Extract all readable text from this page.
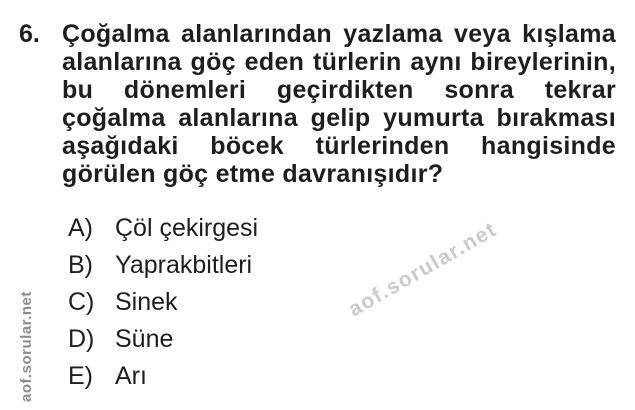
6. Çoğalma alanlarından yazlama veya kışlama
alanlarına göç eden türlerin aynı bireylerinin,
bu dönemleri geçirdikten sonra tekrar
çoğalma alanlarına gelip yumurta bırakması
aşağıdaki böcek türlerinden hangisinde
görülen göç etme davranışıdır?
A) Çöl çekirgesi
B) Yaprakbitleri
C) Sinek
D) Süne
E) Arı
aof.sorular.net
aof.sorular.net
